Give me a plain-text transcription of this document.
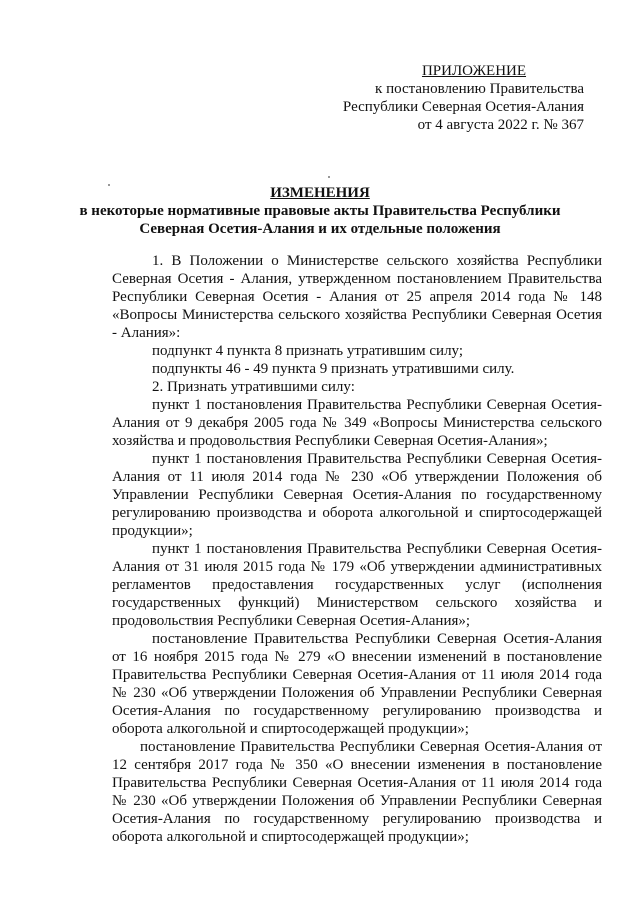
ПРИЛОЖЕНИЕ
к постановлению Правительства
Республики Северная Осетия-Алания
от 4 августа 2022 г. № 367
ИЗМЕНЕНИЯ
в некоторые нормативные правовые акты Правительства Республики
Северная Осетия-Алания и их отдельные положения

1. В Положении о Министерстве сельского хозяйства Республики Северная Осетия - Алания, утвержденном постановлением Правительства Республики Северная Осетия - Алания от 25 апреля 2014 года № 148 «Вопросы Министерства сельского хозяйства Республики Северная Осетия - Алания»:

подпункт 4 пункта 8 признать утратившим силу;

подпункты 46 - 49 пункта 9 признать утратившими силу.

2. Признать утратившими силу:

пункт 1 постановления Правительства Республики Северная Осетия-Алания от 9 декабря 2005 года № 349 «Вопросы Министерства сельского хозяйства и продовольствия Республики Северная Осетия-Алания»;

пункт 1 постановления Правительства Республики Северная Осетия-Алания от 11 июля 2014 года № 230 «Об утверждении Положения об Управлении Республики Северная Осетия-Алания по государственному регулированию производства и оборота алкогольной и спиртосодержащей продукции»;

пункт 1 постановления Правительства Республики Северная Осетия-Алания от 31 июля 2015 года № 179 «Об утверждении административных регламентов предоставления государственных услуг (исполнения государственных функций) Министерством сельского хозяйства и продовольствия Республики Северная Осетия-Алания»;

постановление Правительства Республики Северная Осетия-Алания от 16 ноября 2015 года № 279 «О внесении изменений в постановление Правительства Республики Северная Осетия-Алания от 11 июля 2014 года № 230 «Об утверждении Положения об Управлении Республики Северная Осетия-Алания по государственному регулированию производства и оборота алкогольной и спиртосодержащей продукции»;

постановление Правительства Республики Северная Осетия-Алания от 12 сентября 2017 года № 350 «О внесении изменения в постановление Правительства Республики Северная Осетия-Алания от 11 июля 2014 года № 230 «Об утверждении Положения об Управлении Республики Северная Осетия-Алания по государственному регулированию производства и оборота алкогольной и спиртосодержащей продукции»;
